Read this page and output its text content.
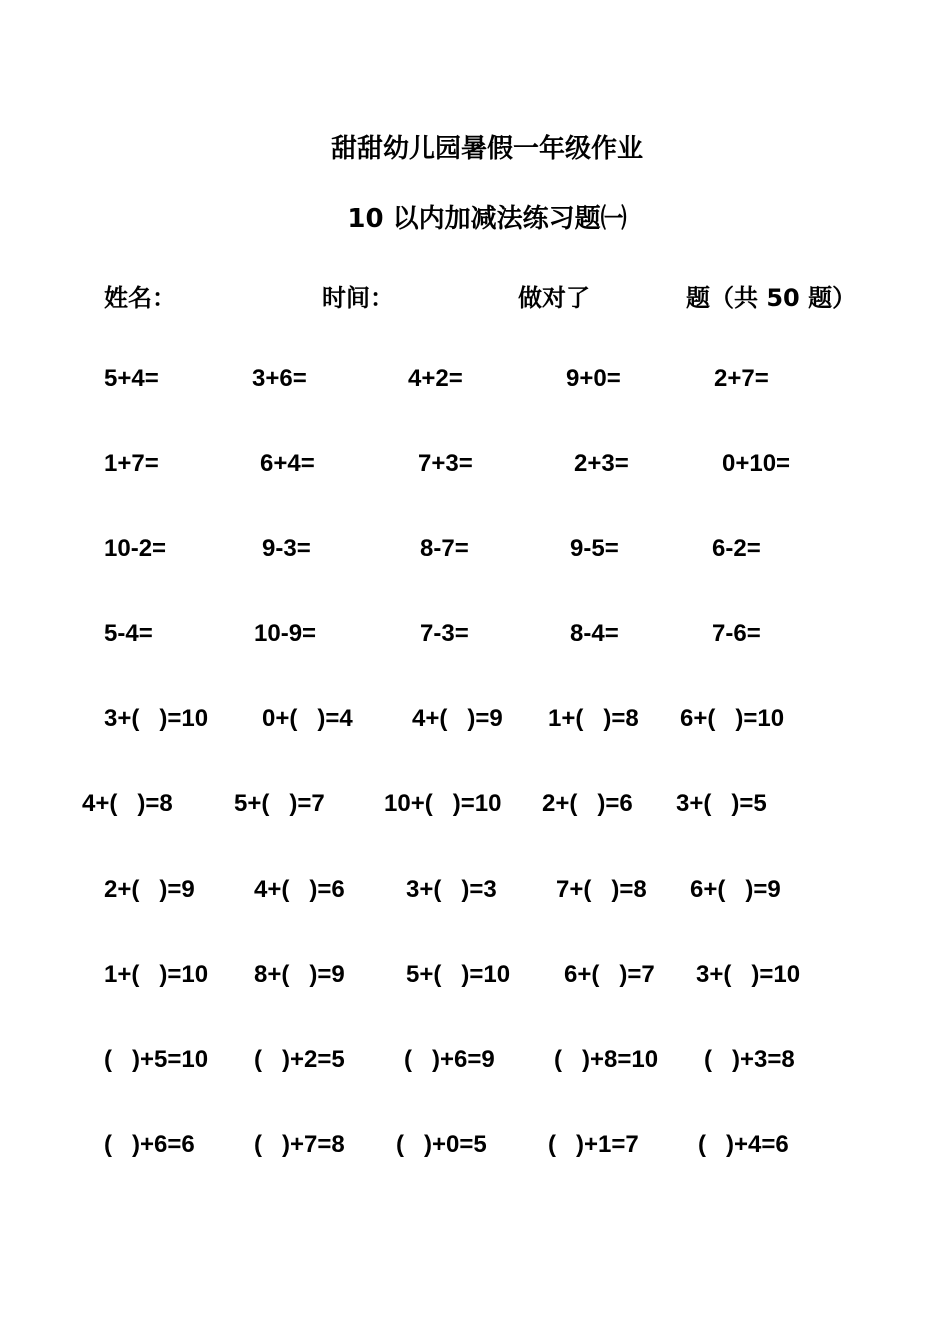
甜甜幼儿园暑假一年级作业
10 以内加减法练习题㈠
姓名：	时间：	做对了	题（共 50 题）
5+4=	3+6=	4+2=	9+0=	2+7=
1+7=	6+4=	7+3=	2+3=	0+10=
10-2=	9-3=	8-7=	9-5=	6-2=
5-4=	10-9=	7-3=	8-4=	7-6=
3+(   )=10 0+(   )=4 4+(   )=9 1+(   )=8 6+(   )=10
4+(   )=8	5+(   )=7 10+(   )=10 2+(   )=6 3+(   )=5
2+(   )=9 4+(   )=6	3+(   )=3 7+(   )=8 6+(   )=9
1+(   )=10 8+(   )=9	5+(   )=10 6+(   )=7 3+(   )=10
(   )+5=10 (   )+2=5 (   )+6=9 (   )+8=10 (   )+3=8
(   )+6=6 (   )+7=8 (   )+0=5	(   )+1=7 (   )+4=6
